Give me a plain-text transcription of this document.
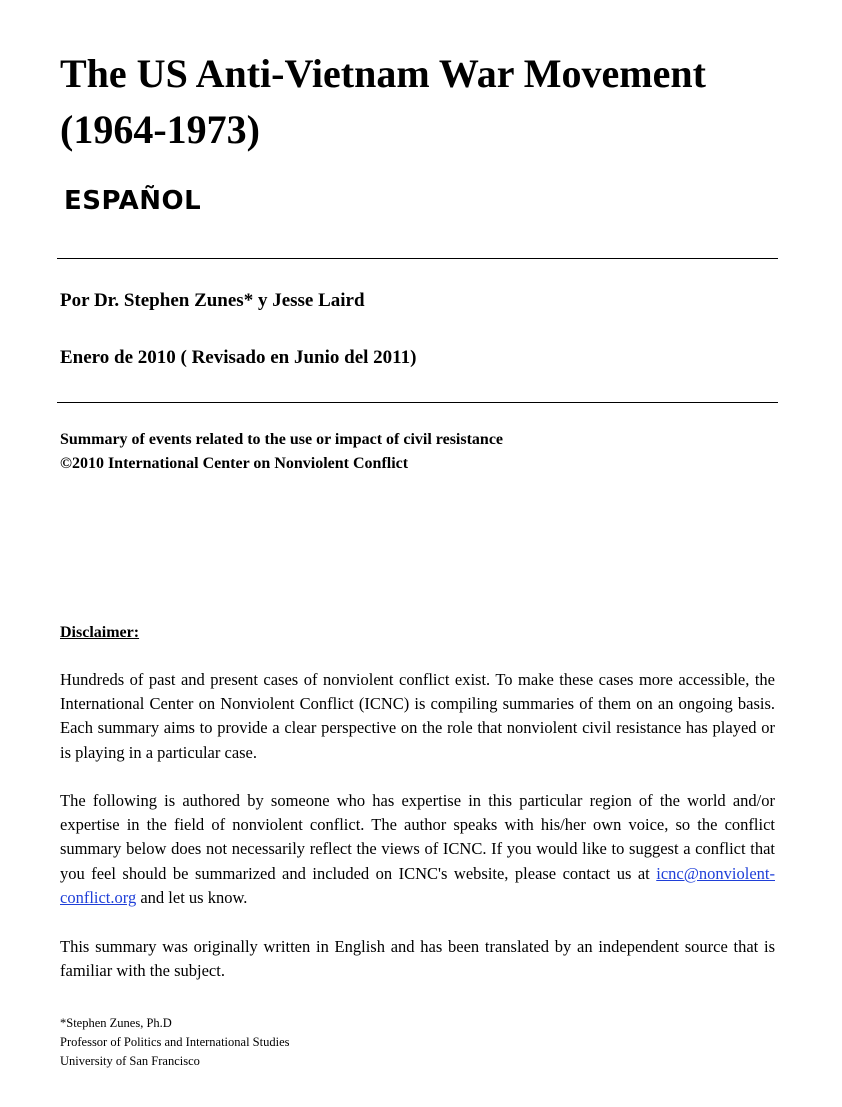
The US Anti-Vietnam War Movement
(1964-1973)
ESPAÑOL
Por Dr. Stephen Zunes* y Jesse Laird
Enero de 2010 ( Revisado en Junio del 2011)
Summary of events related to the use or impact of civil resistance
©2010 International Center on Nonviolent Conflict
Disclaimer:

Hundreds of past and present cases of nonviolent conflict exist. To make these cases more accessible, the International Center on Nonviolent Conflict (ICNC) is compiling summaries of them on an ongoing basis. Each summary aims to provide a clear perspective on the role that nonviolent civil resistance has played or is playing in a particular case.

The following is authored by someone who has expertise in this particular region of the world and/or expertise in the field of nonviolent conflict. The author speaks with his/her own voice, so the conflict summary below does not necessarily reflect the views of ICNC. If you would like to suggest a conflict that you feel should be summarized and included on ICNC's website, please contact us at icnc@nonviolent-conflict.org and let us know.

This summary was originally written in English and has been translated by an independent source that is familiar with the subject.

*Stephen Zunes, Ph.D
Professor of Politics and International Studies
University of San Francisco
